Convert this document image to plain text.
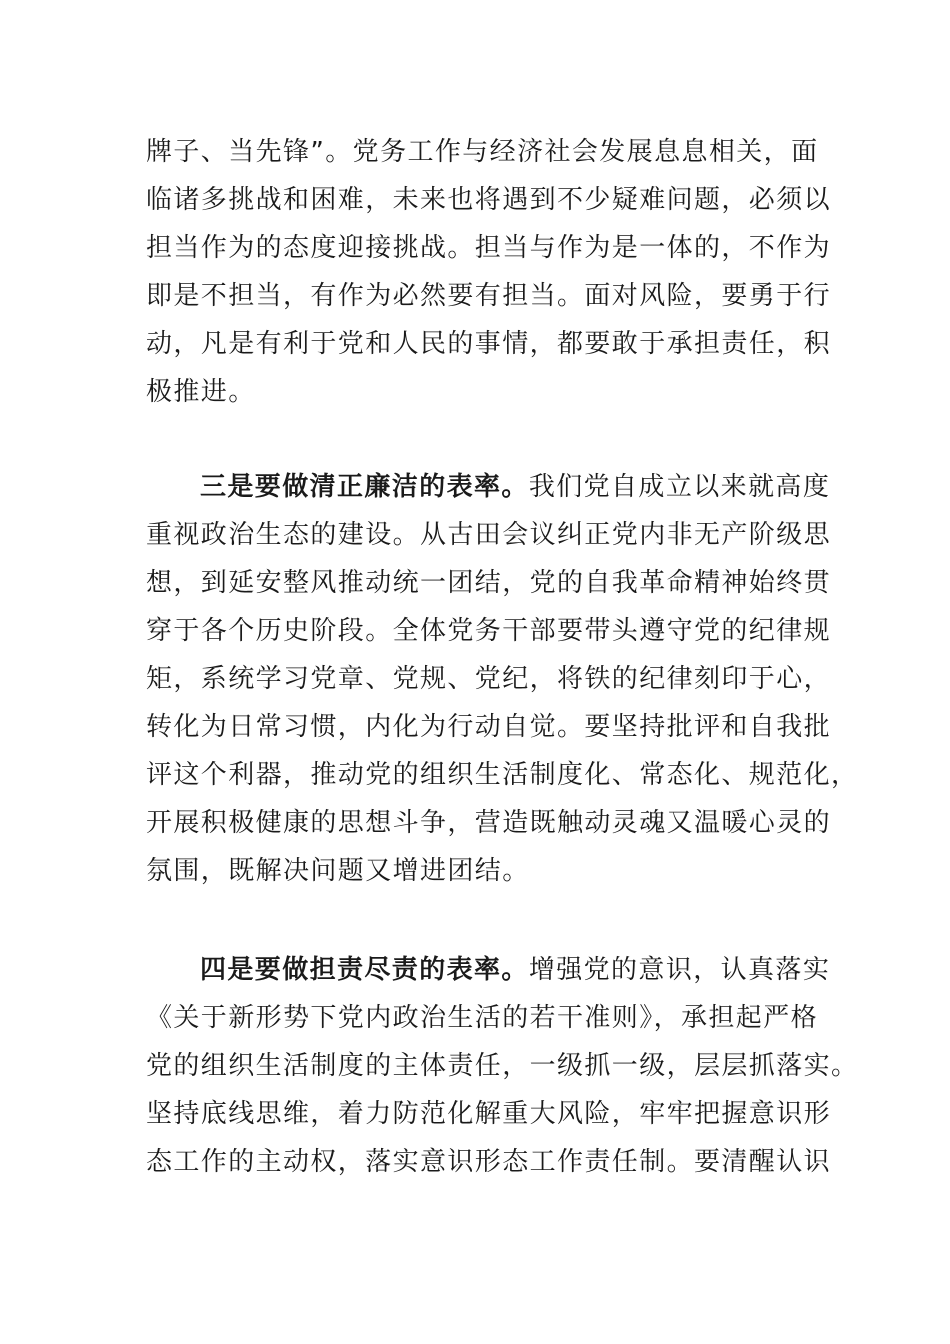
牌子、当先锋”。党务工作与经济社会发展息息相关，面
临诸多挑战和困难，未来也将遇到不少疑难问题，必须以
担当作为的态度迎接挑战。担当与作为是一体的，不作为
即是不担当，有作为必然要有担当。面对风险，要勇于行
动，凡是有利于党和人民的事情，都要敢于承担责任，积
极推进。
三是要做清正廉洁的表率。我们党自成立以来就高度
重视政治生态的建设。从古田会议纠正党内非无产阶级思
想，到延安整风推动统一团结，党的自我革命精神始终贯
穿于各个历史阶段。全体党务干部要带头遵守党的纪律规
矩，系统学习党章、党规、党纪，将铁的纪律刻印于心，
转化为日常习惯，内化为行动自觉。要坚持批评和自我批
评这个利器，推动党的组织生活制度化、常态化、规范化，
开展积极健康的思想斗争，营造既触动灵魂又温暖心灵的
氛围，既解决问题又增进团结。
四是要做担责尽责的表率。增强党的意识，认真落实
《关于新形势下党内政治生活的若干准则》，承担起严格
党的组织生活制度的主体责任，一级抓一级，层层抓落实。
坚持底线思维，着力防范化解重大风险，牢牢把握意识形
态工作的主动权，落实意识形态工作责任制。要清醒认识
